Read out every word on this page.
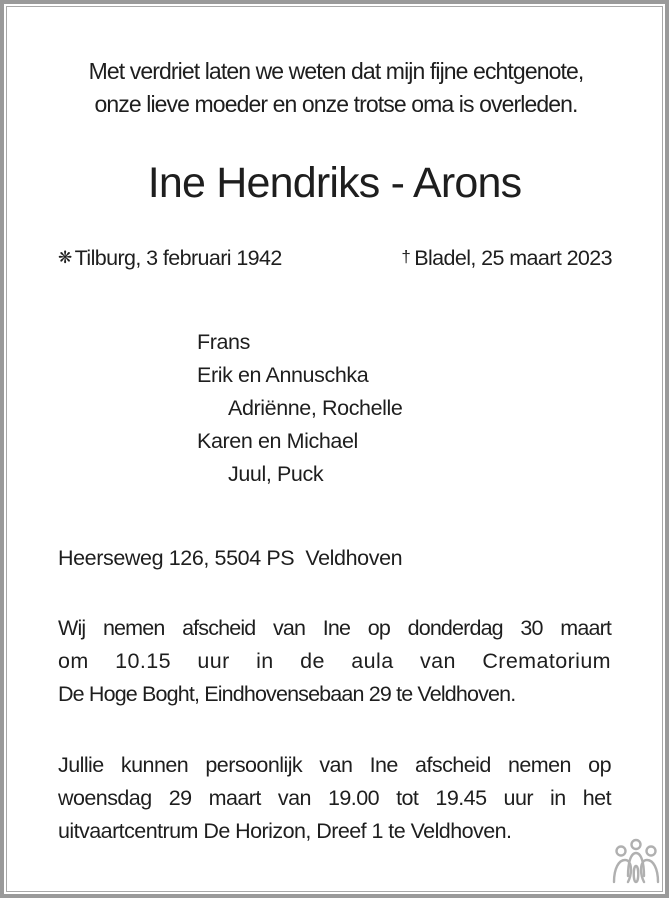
Met verdriet laten we weten dat mijn fijne echtgenote,
onze lieve moeder en onze trotse oma is overleden.
Ine Hendriks - Arons
❋ Tilburg, 3 februari 1942	† Bladel, 25 maart 2023
Frans
Erik en Annuschka
Adriënne, Rochelle
Karen en Michael
Juul, Puck
Heerseweg 126, 5504 PS  Veldhoven
Wij nemen afscheid van Ine op donderdag 30 maart
om 10.15 uur in de aula van Crematorium
De Hoge Boght, Eindhovensebaan 29 te Veldhoven.
Jullie kunnen persoonlijk van Ine afscheid nemen op
woensdag 29 maart van 19.00 tot 19.45 uur in het
uitvaartcentrum De Horizon, Dreef 1 te Veldhoven.
